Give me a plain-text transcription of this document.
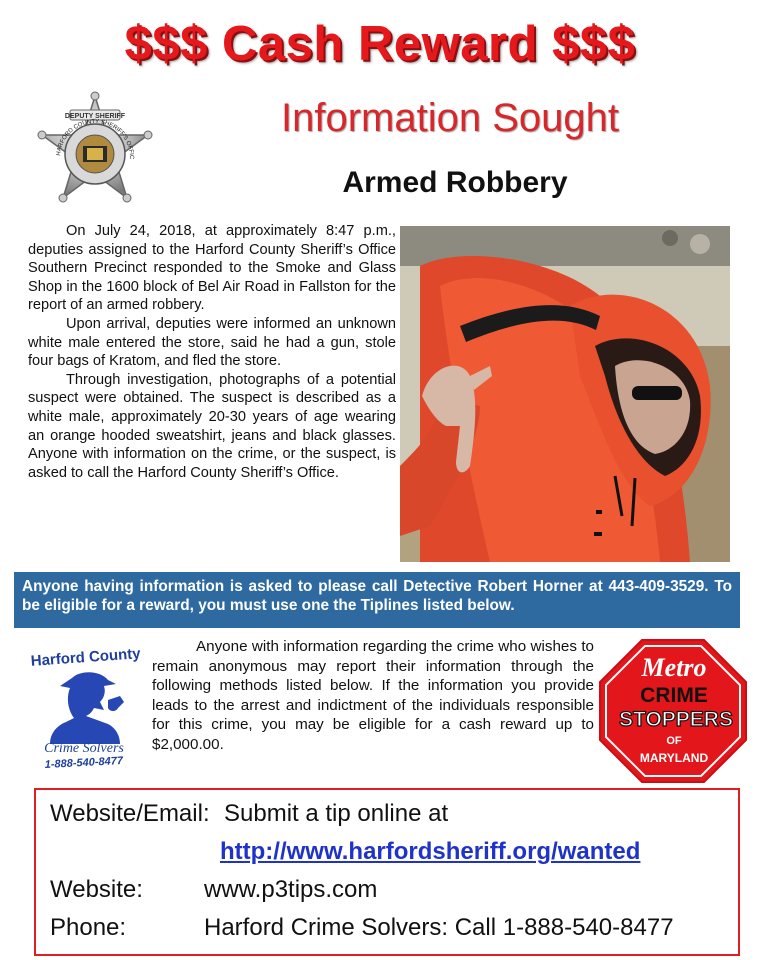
$$$ Cash Reward $$$
Information Sought
Armed Robbery
DEPUTY SHERIFF
HARFORD COUNTY SHERIFF'S OFFIC

On July 24, 2018, at approximately 8:47 p.m., deputies assigned to the Harford County Sheriff’s Office Southern Precinct responded to the Smoke and Glass Shop in the 1600 block of Bel Air Road in Fallston for the report of an armed robbery.

Upon arrival, deputies were informed an unknown white male entered the store, said he had a gun, stole four bags of Kratom, and fled the store.

Through investigation, photographs of a potential suspect were obtained. The suspect is described as a white male, approximately 20-30 years of age wearing an orange hooded sweatshirt, jeans and black glasses. Anyone with information on the crime, or the suspect, is asked to call the Harford County Sheriff’s Office.

Anyone having information is asked to please call Detective Robert Horner at 443-409-3529. To be eligible for a reward, you must use one the Tiplines listed below.
Harford County
Crime Solvers
1-888-540-8477

Anyone with information regarding the crime who wishes to remain anonymous may report their information through the following methods listed below. If the information you provide leads to the arrest and indictment of the individuals responsible for this crime, you may be eligible for a cash reward up to $2,000.00.

Metro
CRIME
STOPPERS
OF
MARYLAND
Website/Email: Submit a tip online at
http://www.harfordsheriff.org/wanted
Website:	www.p3tips.com
Phone:	Harford Crime Solvers: Call 1-888-540-8477
